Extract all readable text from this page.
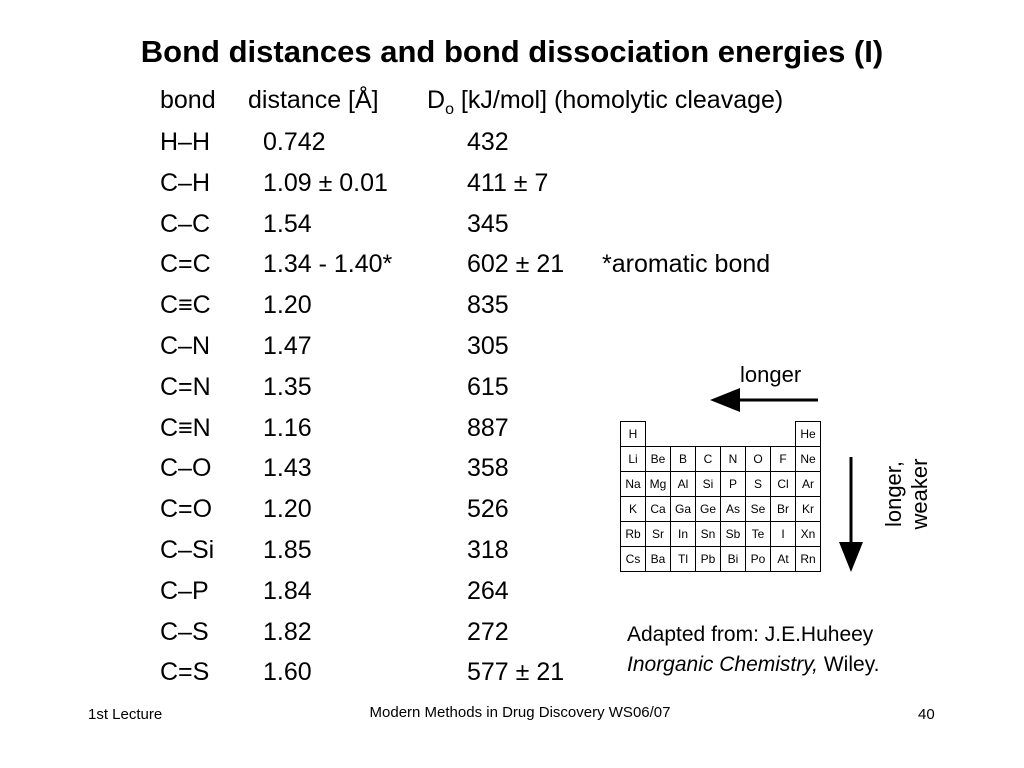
Bond distances and bond dissociation energies (I)
bond distance [Å] $D_o$ [kJ/mol] (homolytic cleavage)
H–H 0.742	432
C–H 1.09 ± 0.01	411 ± 7
C–C 1.54	345
C=C 1.34 - 1.40*	602 ± 21 *aromatic bond
C≡C 1.20	835
C–N 1.47	305
C=N 1.35	615
C≡N 1.16	887
C–O 1.43	358
C=O 1.20	526
C–Si 1.85	318
C–P 1.84	264
C–S 1.82	272
C=S 1.60	577 ± 21
H							He
Li	Be	B	C	N	O	F	Ne
Na	Mg	Al	Si	P	S	Cl	Ar
K	Ca	Ga	Ge	As	Se	Br	Kr
Rb	Sr	In	Sn	Sb	Te	I	Xn
Cs	Ba	Tl	Pb	Bi	Po	At	Rn
longer
longer, weaker
Adapted from: J.E.Huheey
Inorganic Chemistry, Wiley.
1st Lecture	Modern Methods in Drug Discovery WS06/07	40
